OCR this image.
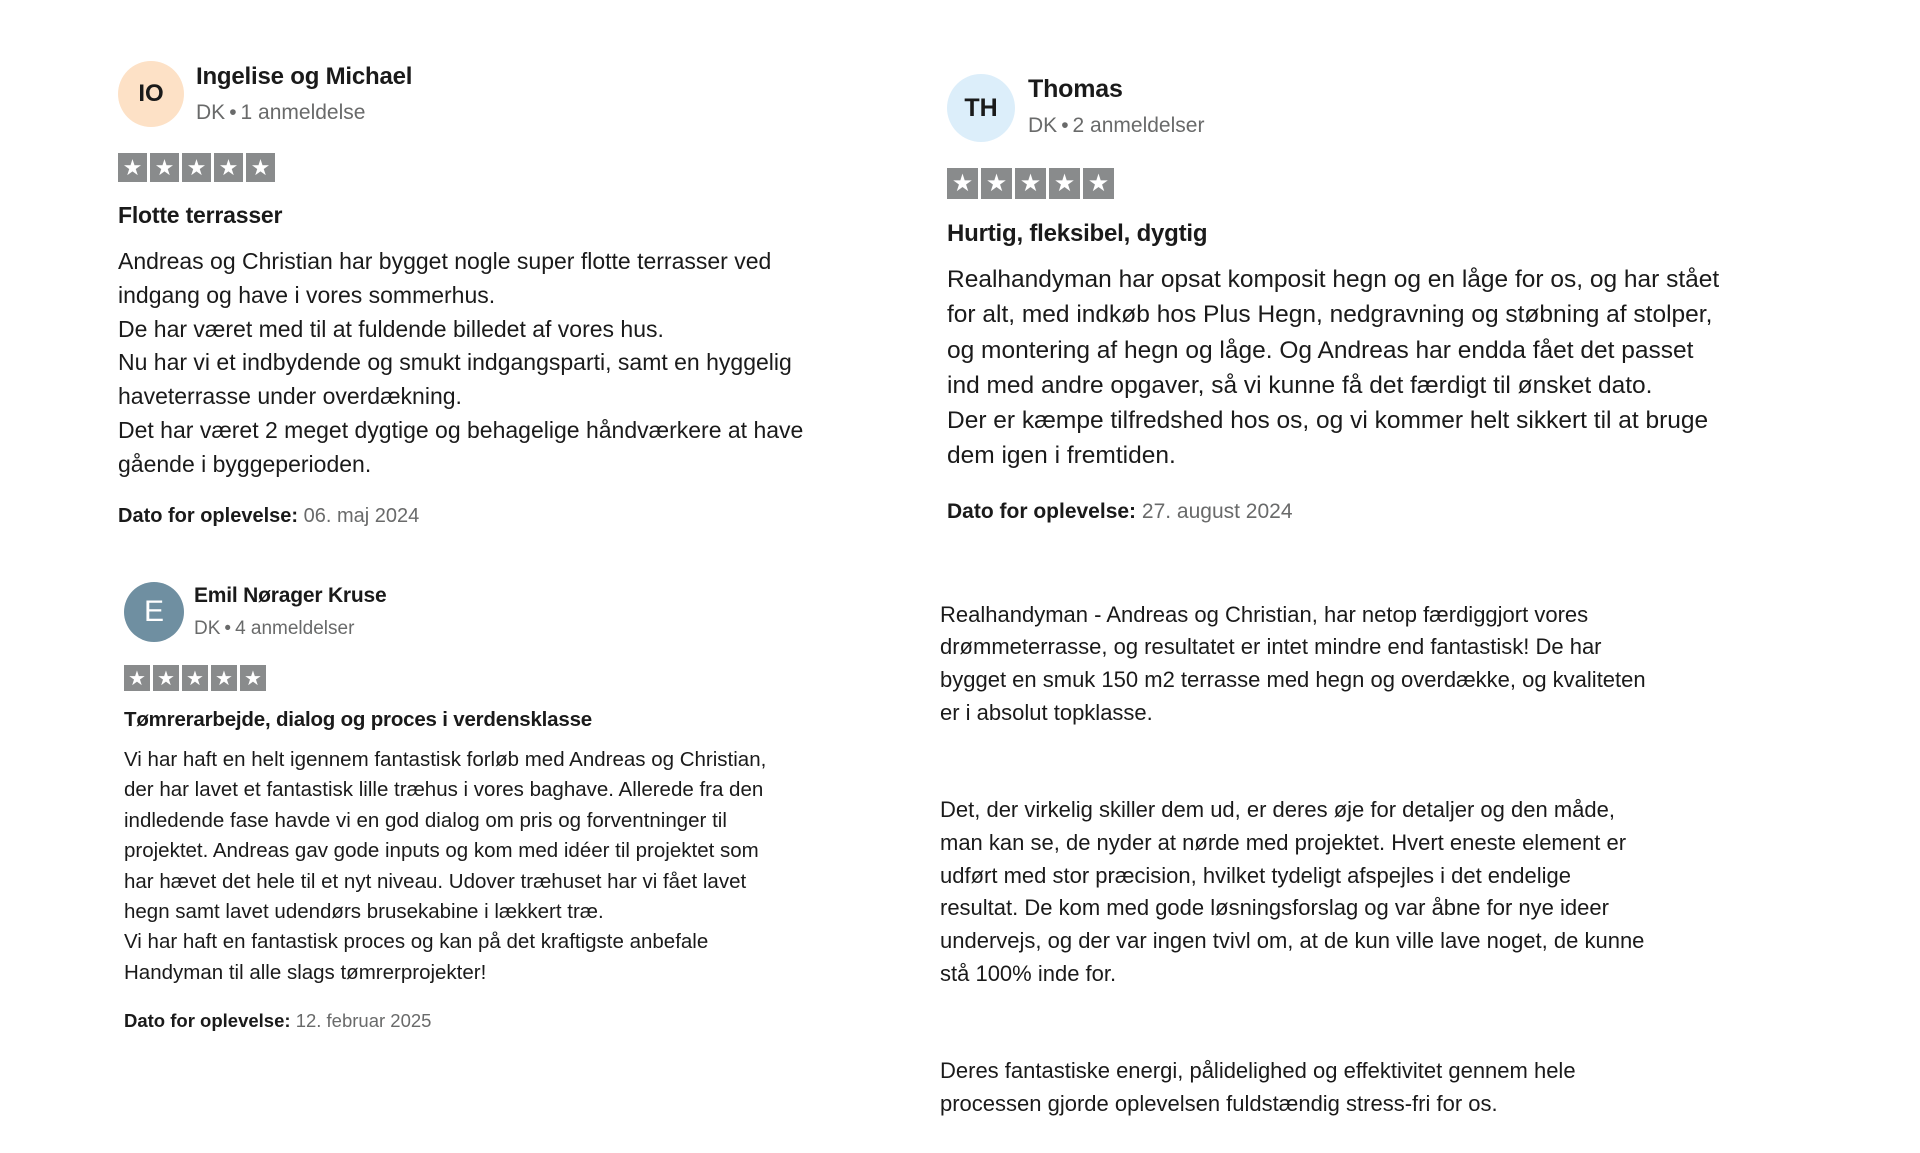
IO
Ingelise og Michael
DK • 1 anmeldelse
★ ★ ★ ★ ★
Flotte terrasser
Andreas og Christian har bygget nogle super flotte terrasser ved
indgang og have i vores sommerhus.
De har været med til at fuldende billedet af vores hus.
Nu har vi et indbydende og smukt indgangsparti, samt en hyggelig
haveterrasse under overdækning.
Det har været 2 meget dygtige og behagelige håndværkere at have
gående i byggeperioden.
Dato for oplevelse: 06. maj 2024
TH
Thomas
DK • 2 anmeldelser
★ ★ ★ ★ ★
Hurtig, fleksibel, dygtig
Realhandyman har opsat komposit hegn og en låge for os, og har stået
for alt, med indkøb hos Plus Hegn, nedgravning og støbning af stolper,
og montering af hegn og låge. Og Andreas har endda fået det passet
ind med andre opgaver, så vi kunne få det færdigt til ønsket dato.
Der er kæmpe tilfredshed hos os, og vi kommer helt sikkert til at bruge
dem igen i fremtiden.
Dato for oplevelse: 27. august 2024
E Emil Nørager Kruse
DK • 4 anmeldelser
★ ★ ★ ★ ★
Tømrerarbejde, dialog og proces i verdensklasse
Vi har haft en helt igennem fantastisk forløb med Andreas og Christian,
der har lavet et fantastisk lille træhus i vores baghave. Allerede fra den
indledende fase havde vi en god dialog om pris og forventninger til
projektet. Andreas gav gode inputs og kom med idéer til projektet som
har hævet det hele til et nyt niveau. Udover træhuset har vi fået lavet
hegn samt lavet udendørs brusekabine i lækkert træ.
Vi har haft en fantastisk proces og kan på det kraftigste anbefale
Handyman til alle slags tømrerprojekter!
Dato for oplevelse: 12. februar 2025

Realhandyman - Andreas og Christian, har netop færdiggjort vores
drømmeterrasse, og resultatet er intet mindre end fantastisk! De har
bygget en smuk 150 m2 terrasse med hegn og overdække, og kvaliteten
er i absolut topklasse.

Det, der virkelig skiller dem ud, er deres øje for detaljer og den måde,
man kan se, de nyder at nørde med projektet. Hvert eneste element er
udført med stor præcision, hvilket tydeligt afspejles i det endelige
resultat. De kom med gode løsningsforslag og var åbne for nye ideer
undervejs, og der var ingen tvivl om, at de kun ville lave noget, de kunne
stå 100% inde for.

Deres fantastiske energi, pålidelighed og effektivitet gennem hele
processen gjorde oplevelsen fuldstændig stress-fri for os.
